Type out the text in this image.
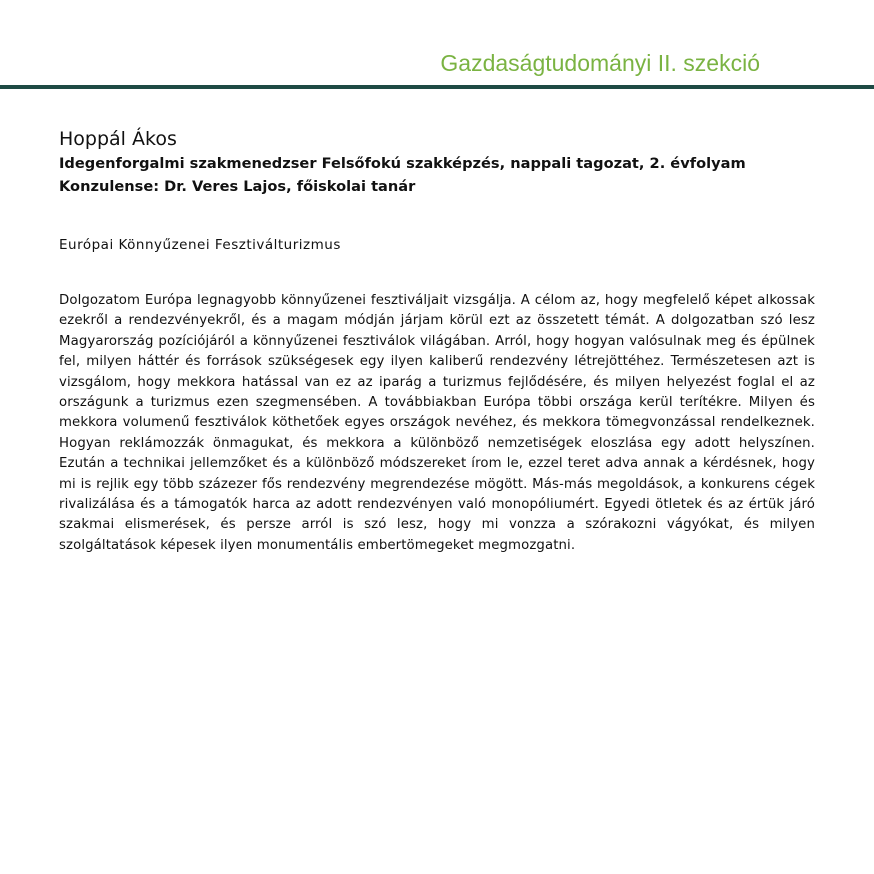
Gazdaságtudományi II. szekció
Hoppál Ákos
Idegenforgalmi szakmenedzser Felsőfokú szakképzés, nappali tagozat, 2. évfolyam
Konzulense: Dr. Veres Lajos, főiskolai tanár
Európai Könnyűzenei Fesztiválturizmus

Dolgozatom Európa legnagyobb könnyűzenei fesztiváljait vizsgálja. A célom az, hogy megfelelő képet alkossak ezekről a rendezvényekről, és a magam módján járjam körül ezt az összetett témát. A dolgozatban szó lesz Magyarország pozíciójáról a könnyűzenei fesztiválok világában. Arról, hogy hogyan valósulnak meg és épülnek fel, milyen háttér és források szükségesek egy ilyen kaliberű rendezvény létrejöttéhez. Természetesen azt is vizsgálom, hogy mekkora hatással van ez az iparág a turizmus fejlődésére, és milyen helyezést foglal el az országunk a turizmus ezen szegmensében. A továbbiakban Európa többi országa kerül terítékre. Milyen és mekkora volumenű fesztiválok köthetőek egyes országok nevéhez, és mekkora tömegvonzással rendelkeznek. Hogyan reklámozzák önmagukat, és mekkora a különböző nemzetiségek eloszlása egy adott helyszínen. Ezután a technikai jellemzőket és a különböző módszereket írom le, ezzel teret adva annak a kérdésnek, hogy mi is rejlik egy több százezer fős rendezvény megrendezése mögött. Más-más megoldások, a konkurens cégek rivalizálása és a támogatók harca az adott rendezvényen való monopóliumért. Egyedi ötletek és az értük járó szakmai elismerések, és persze arról is szó lesz, hogy mi vonzza a szórakozni vágyókat, és milyen szolgáltatások képesek ilyen monumentális embertömegeket megmozgatni.
